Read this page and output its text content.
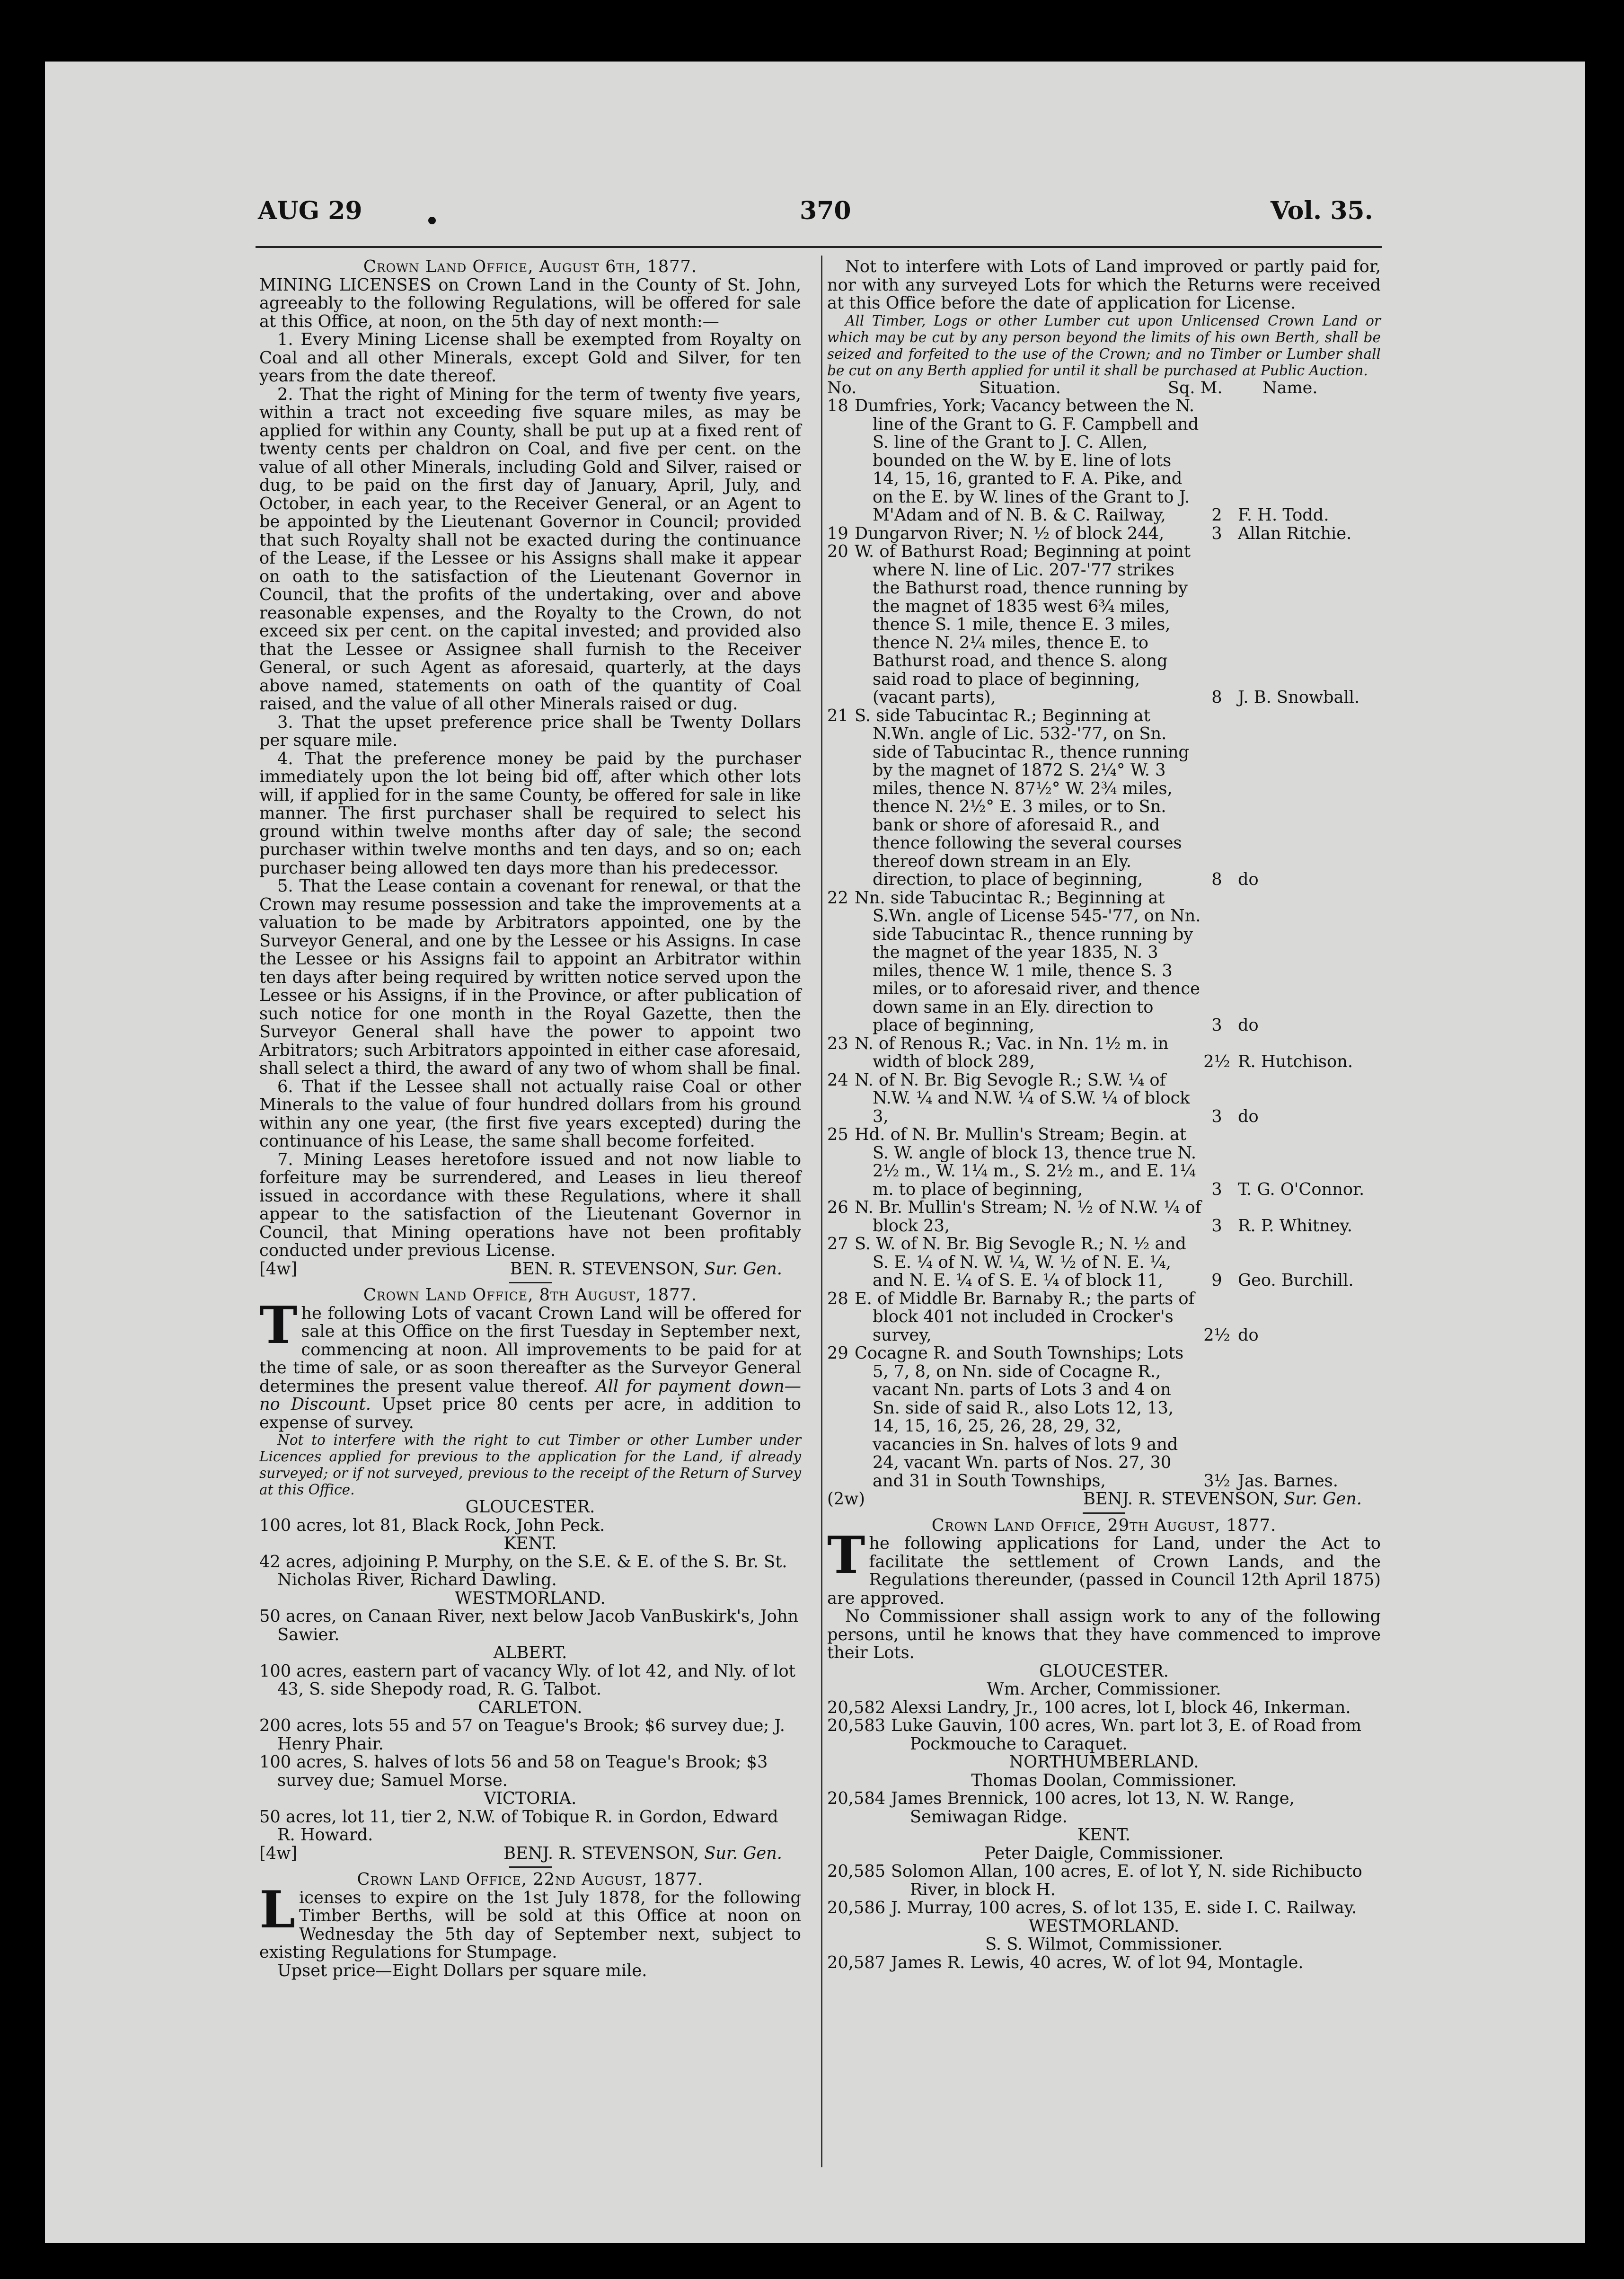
AUG 29	370	Vol. 35.
Crown Land Office, August 6th, 1877.
MINING LICENSES on Crown Land in the County of St. John, agreeably to the following Regulations, will be offered for sale at this Office, at noon, on the 5th day of next month:—
1. Every Mining License shall be exempted from Royalty on Coal and all other Minerals, except Gold and Silver, for ten years from the date thereof.
2. That the right of Mining for the term of twenty five years, within a tract not exceeding five square miles, as may be applied for within any County, shall be put up at a fixed rent of twenty cents per chaldron on Coal, and five per cent. on the value of all other Minerals, including Gold and Silver, raised or dug, to be paid on the first day of January, April, July, and October, in each year, to the Receiver General, or an Agent to be appointed by the Lieutenant Governor in Council; provided that such Royalty shall not be exacted during the continuance of the Lease, if the Lessee or his Assigns shall make it appear on oath to the satisfaction of the Lieutenant Governor in Council, that the profits of the undertaking, over and above reasonable expenses, and the Royalty to the Crown, do not exceed six per cent. on the capital invested; and provided also that the Lessee or Assignee shall furnish to the Receiver General, or such Agent as aforesaid, quarterly, at the days above named, statements on oath of the quantity of Coal raised, and the value of all other Minerals raised or dug.
3. That the upset preference price shall be Twenty Dollars per square mile.
4. That the preference money be paid by the purchaser immediately upon the lot being bid off, after which other lots will, if applied for in the same County, be offered for sale in like manner. The first purchaser shall be required to select his ground within twelve months after day of sale; the second purchaser within twelve months and ten days, and so on; each purchaser being allowed ten days more than his predecessor.
5. That the Lease contain a covenant for renewal, or that the Crown may resume possession and take the improvements at a valuation to be made by Arbitrators appointed, one by the Surveyor General, and one by the Lessee or his Assigns. In case the Lessee or his Assigns fail to appoint an Arbitrator within ten days after being required by written notice served upon the Lessee or his Assigns, if in the Province, or after publication of such notice for one month in the Royal Gazette, then the Surveyor General shall have the power to appoint two Arbitrators; such Arbitrators appointed in either case aforesaid, shall select a third, the award of any two of whom shall be final.
6. That if the Lessee shall not actually raise Coal or other Minerals to the value of four hundred dollars from his ground within any one year, (the first five years excepted) during the continuance of his Lease, the same shall become forfeited.
7. Mining Leases heretofore issued and not now liable to forfeiture may be surrendered, and Leases in lieu thereof issued in accordance with these Regulations, where it shall appear to the satisfaction of the Lieutenant Governor in Council, that Mining operations have not been profitably conducted under previous License.
[4w]	BEN. R. STEVENSON, Sur. Gen.
Crown Land Office, 8th August, 1877.
The following Lots of vacant Crown Land will be offered for sale at this Office on the first Tuesday in September next, commencing at noon. All improvements to be paid for at the time of sale, or as soon thereafter as the Surveyor General determines the present value thereof. All for payment down—no Discount. Upset price 80 cents per acre, in addition to expense of survey.
Not to interfere with the right to cut Timber or other Lumber under Licences applied for previous to the application for the Land, if already surveyed; or if not surveyed, previous to the receipt of the Return of Survey at this Office.
GLOUCESTER.
100 acres, lot 81, Black Rock, John Peck.
KENT.
42 acres, adjoining P. Murphy, on the S.E. & E. of the S. Br. St. Nicholas River, Richard Dawling.
WESTMORLAND.
50 acres, on Canaan River, next below Jacob VanBuskirk's, John Sawier.
ALBERT.
100 acres, eastern part of vacancy Wly. of lot 42, and Nly. of lot 43, S. side Shepody road, R. G. Talbot.
CARLETON.
200 acres, lots 55 and 57 on Teague's Brook; $6 survey due; J. Henry Phair.
100 acres, S. halves of lots 56 and 58 on Teague's Brook; $3 survey due; Samuel Morse.
VICTORIA.
50 acres, lot 11, tier 2, N.W. of Tobique R. in Gordon, Edward R. Howard.
[4w]	BENJ. R. STEVENSON, Sur. Gen.
Crown Land Office, 22nd August, 1877.
Licenses to expire on the 1st July 1878, for the following Timber Berths, will be sold at this Office at noon on Wednesday the 5th day of September next, subject to existing Regulations for Stumpage.
Upset price—Eight Dollars per square mile.
Not to interfere with Lots of Land improved or partly paid for, nor with any surveyed Lots for which the Returns were received at this Office before the date of application for License.
All Timber, Logs or other Lumber cut upon Unlicensed Crown Land or which may be cut by any person beyond the limits of his own Berth, shall be seized and forfeited to the use of the Crown; and no Timber or Lumber shall be cut on any Berth applied for until it shall be purchased at Public Auction.
No.	Situation.	Sq. M.	Name.
18 Dumfries, York; Vacancy between the N. line of the Grant to G. F. Campbell and S. line of the Grant to J. C. Allen, bounded on the W. by E. line of lots 14, 15, 16, granted to F. A. Pike, and on the E. by W. lines of the Grant to J. M'Adam and of N. B. & C. Railway,	2 F. H. Todd.
19 Dungarvon River; N. ½ of block 244,	3 Allan Ritchie.
20 W. of Bathurst Road; Beginning at point where N. line of Lic. 207-'77 strikes the Bathurst road, thence running by the magnet of 1835 west 6¾ miles, thence S. 1 mile, thence E. 3 miles, thence N. 2¼ miles, thence E. to Bathurst road, and thence S. along said road to place of beginning, (vacant parts),	8 J. B. Snowball.
21 S. side Tabucintac R.; Beginning at N.Wn. angle of Lic. 532-'77, on Sn. side of Tabucintac R., thence running by the magnet of 1872 S. 2¼° W. 3 miles, thence N. 87½° W. 2¾ miles, thence N. 2½° E. 3 miles, or to Sn. bank or shore of aforesaid R., and thence following the several courses thereof down stream in an Ely. direction, to place of beginning,	8 do
22 Nn. side Tabucintac R.; Beginning at S.Wn. angle of License 545-'77, on Nn. side Tabucintac R., thence running by the magnet of the year 1835, N. 3 miles, thence W. 1 mile, thence S. 3 miles, or to aforesaid river, and thence down same in an Ely. direction to place of beginning,	3 do
23 N. of Renous R.; Vac. in Nn. 1½ m. in width of block 289,	2½ R. Hutchison.
24 N. of N. Br. Big Sevogle R.; S.W. ¼ of N.W. ¼ and N.W. ¼ of S.W. ¼ of block 3,	3 do
25 Hd. of N. Br. Mullin's Stream; Begin. at S. W. angle of block 13, thence true N. 2½ m., W. 1¼ m., S. 2½ m., and E. 1¼ m. to place of beginning,	3 T. G. O'Connor.
26 N. Br. Mullin's Stream; N. ½ of N.W. ¼ of block 23,	3 R. P. Whitney.
27 S. W. of N. Br. Big Sevogle R.; N. ½ and S. E. ¼ of N. W. ¼, W. ½ of N. E. ¼, and N. E. ¼ of S. E. ¼ of block 11,	9 Geo. Burchill.
28 E. of Middle Br. Barnaby R.; the parts of block 401 not included in Crocker's survey,	2½ do
29 Cocagne R. and South Townships; Lots 5, 7, 8, on Nn. side of Cocagne R., vacant Nn. parts of Lots 3 and 4 on Sn. side of said R., also Lots 12, 13, 14, 15, 16, 25, 26, 28, 29, 32, vacancies in Sn. halves of lots 9 and 24, vacant Wn. parts of Nos. 27, 30 and 31 in South Townships,	3½ Jas. Barnes.
(2w)	BENJ. R. STEVENSON, Sur. Gen.
Crown Land Office, 29th August, 1877.
The following applications for Land, under the Act to facilitate the settlement of Crown Lands, and the Regulations thereunder, (passed in Council 12th April 1875) are approved.
No Commissioner shall assign work to any of the following persons, until he knows that they have commenced to improve their Lots.
GLOUCESTER.
Wm. Archer, Commissioner.
20,582 Alexsi Landry, Jr., 100 acres, lot I, block 46, Inkerman.
20,583 Luke Gauvin, 100 acres, Wn. part lot 3, E. of Road from Pockmouche to Caraquet.
NORTHUMBERLAND.
Thomas Doolan, Commissioner.
20,584 James Brennick, 100 acres, lot 13, N. W. Range, Semiwagan Ridge.
KENT.
Peter Daigle, Commissioner.
20,585 Solomon Allan, 100 acres, E. of lot Y, N. side Richibucto River, in block H.
20,586 J. Murray, 100 acres, S. of lot 135, E. side I. C. Railway.
WESTMORLAND.
S. S. Wilmot, Commissioner.
20,587 James R. Lewis, 40 acres, W. of lot 94, Montagle.
